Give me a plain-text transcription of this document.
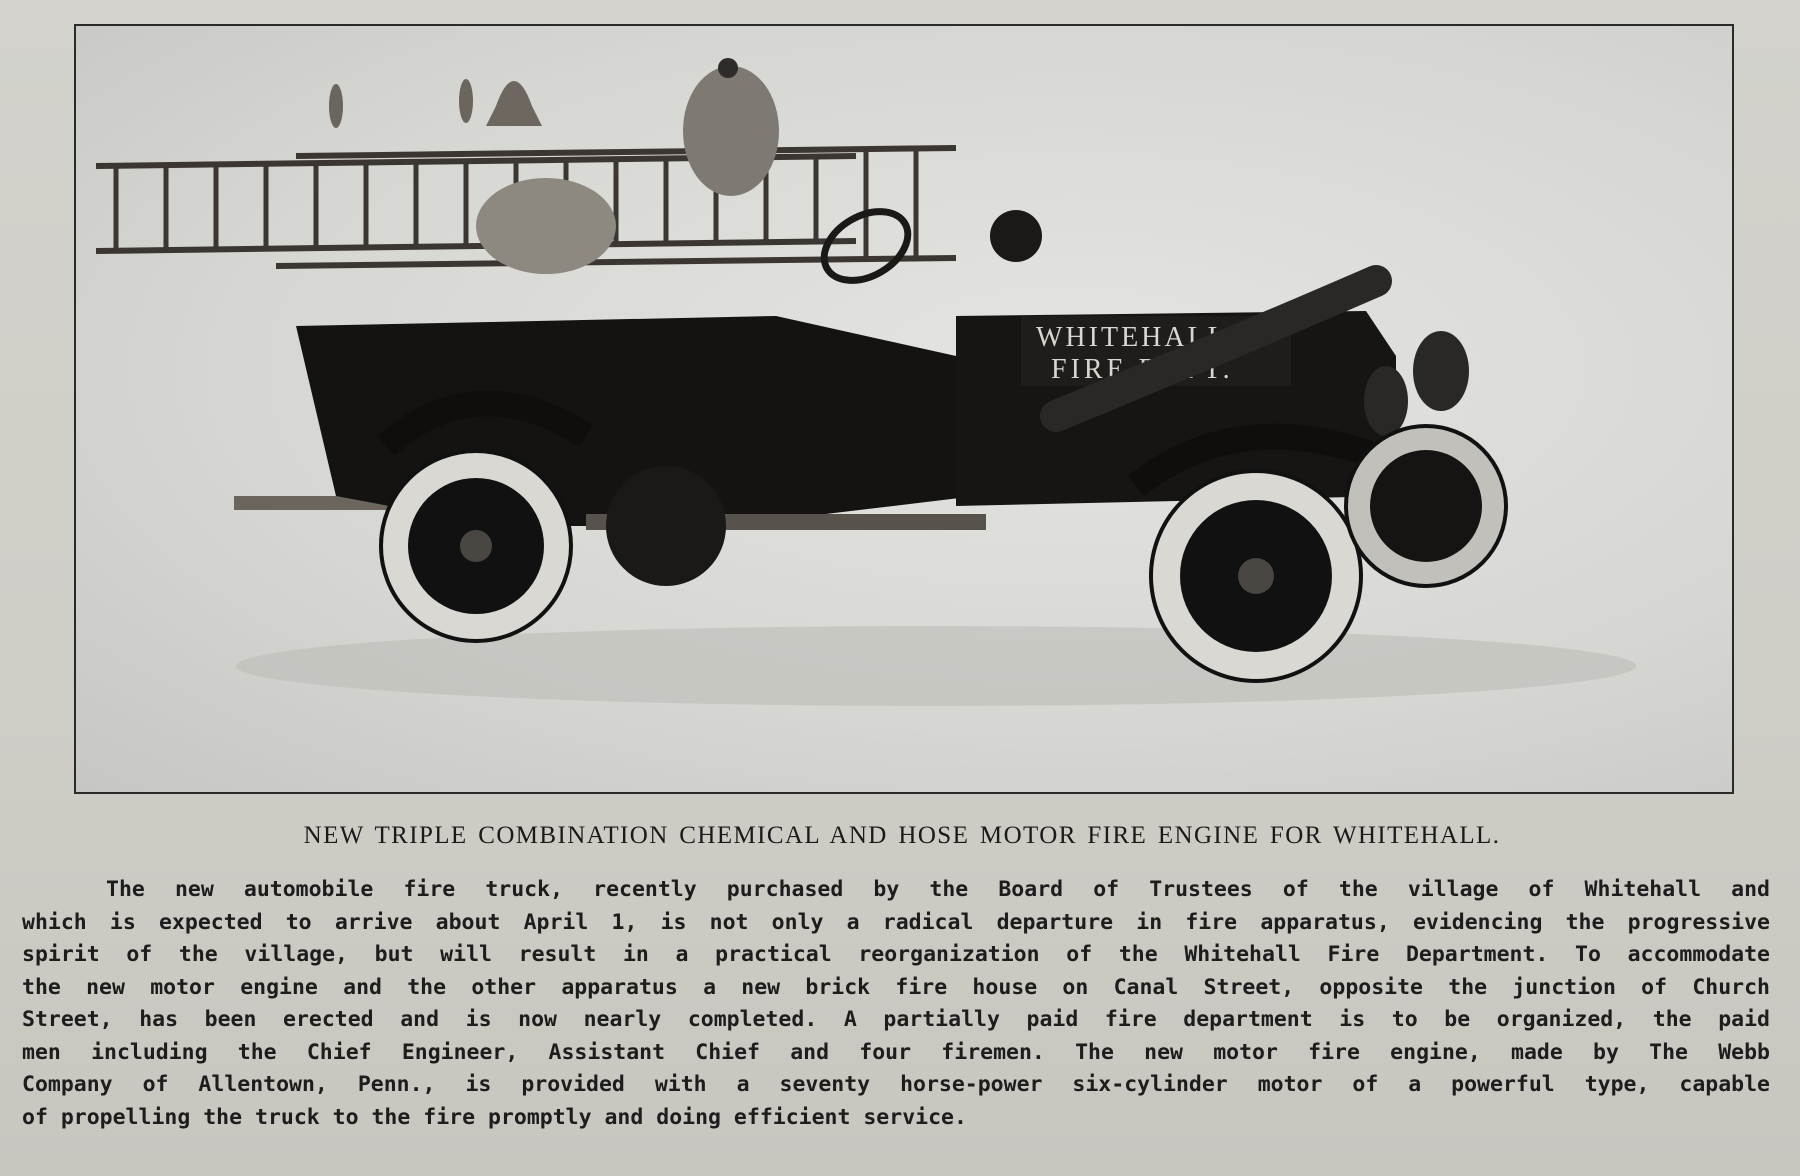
WHITEHALL
FIRE DEPT.
NEW TRIPLE COMBINATION CHEMICAL AND HOSE MOTOR FIRE ENGINE FOR WHITEHALL.
The new automobile fire truck, recently purchased by the Board of Trustees of the village of Whitehall and
which is expected to arrive about April 1, is not only a radical departure in fire apparatus, evidencing the progressive
spirit of the village, but will result in a practical reorganization of the Whitehall Fire Department. To accommodate
the new motor engine and the other apparatus a new brick fire house on Canal Street, opposite the junction of Church
Street, has been erected and is now nearly completed. A partially paid fire department is to be organized, the paid
men including the Chief Engineer, Assistant Chief and four firemen. The new motor fire engine, made by The Webb
Company of Allentown, Penn., is provided with a seventy horse-power six-cylinder motor of a powerful type, capable
of propelling the truck to the fire promptly and doing efficient service.
